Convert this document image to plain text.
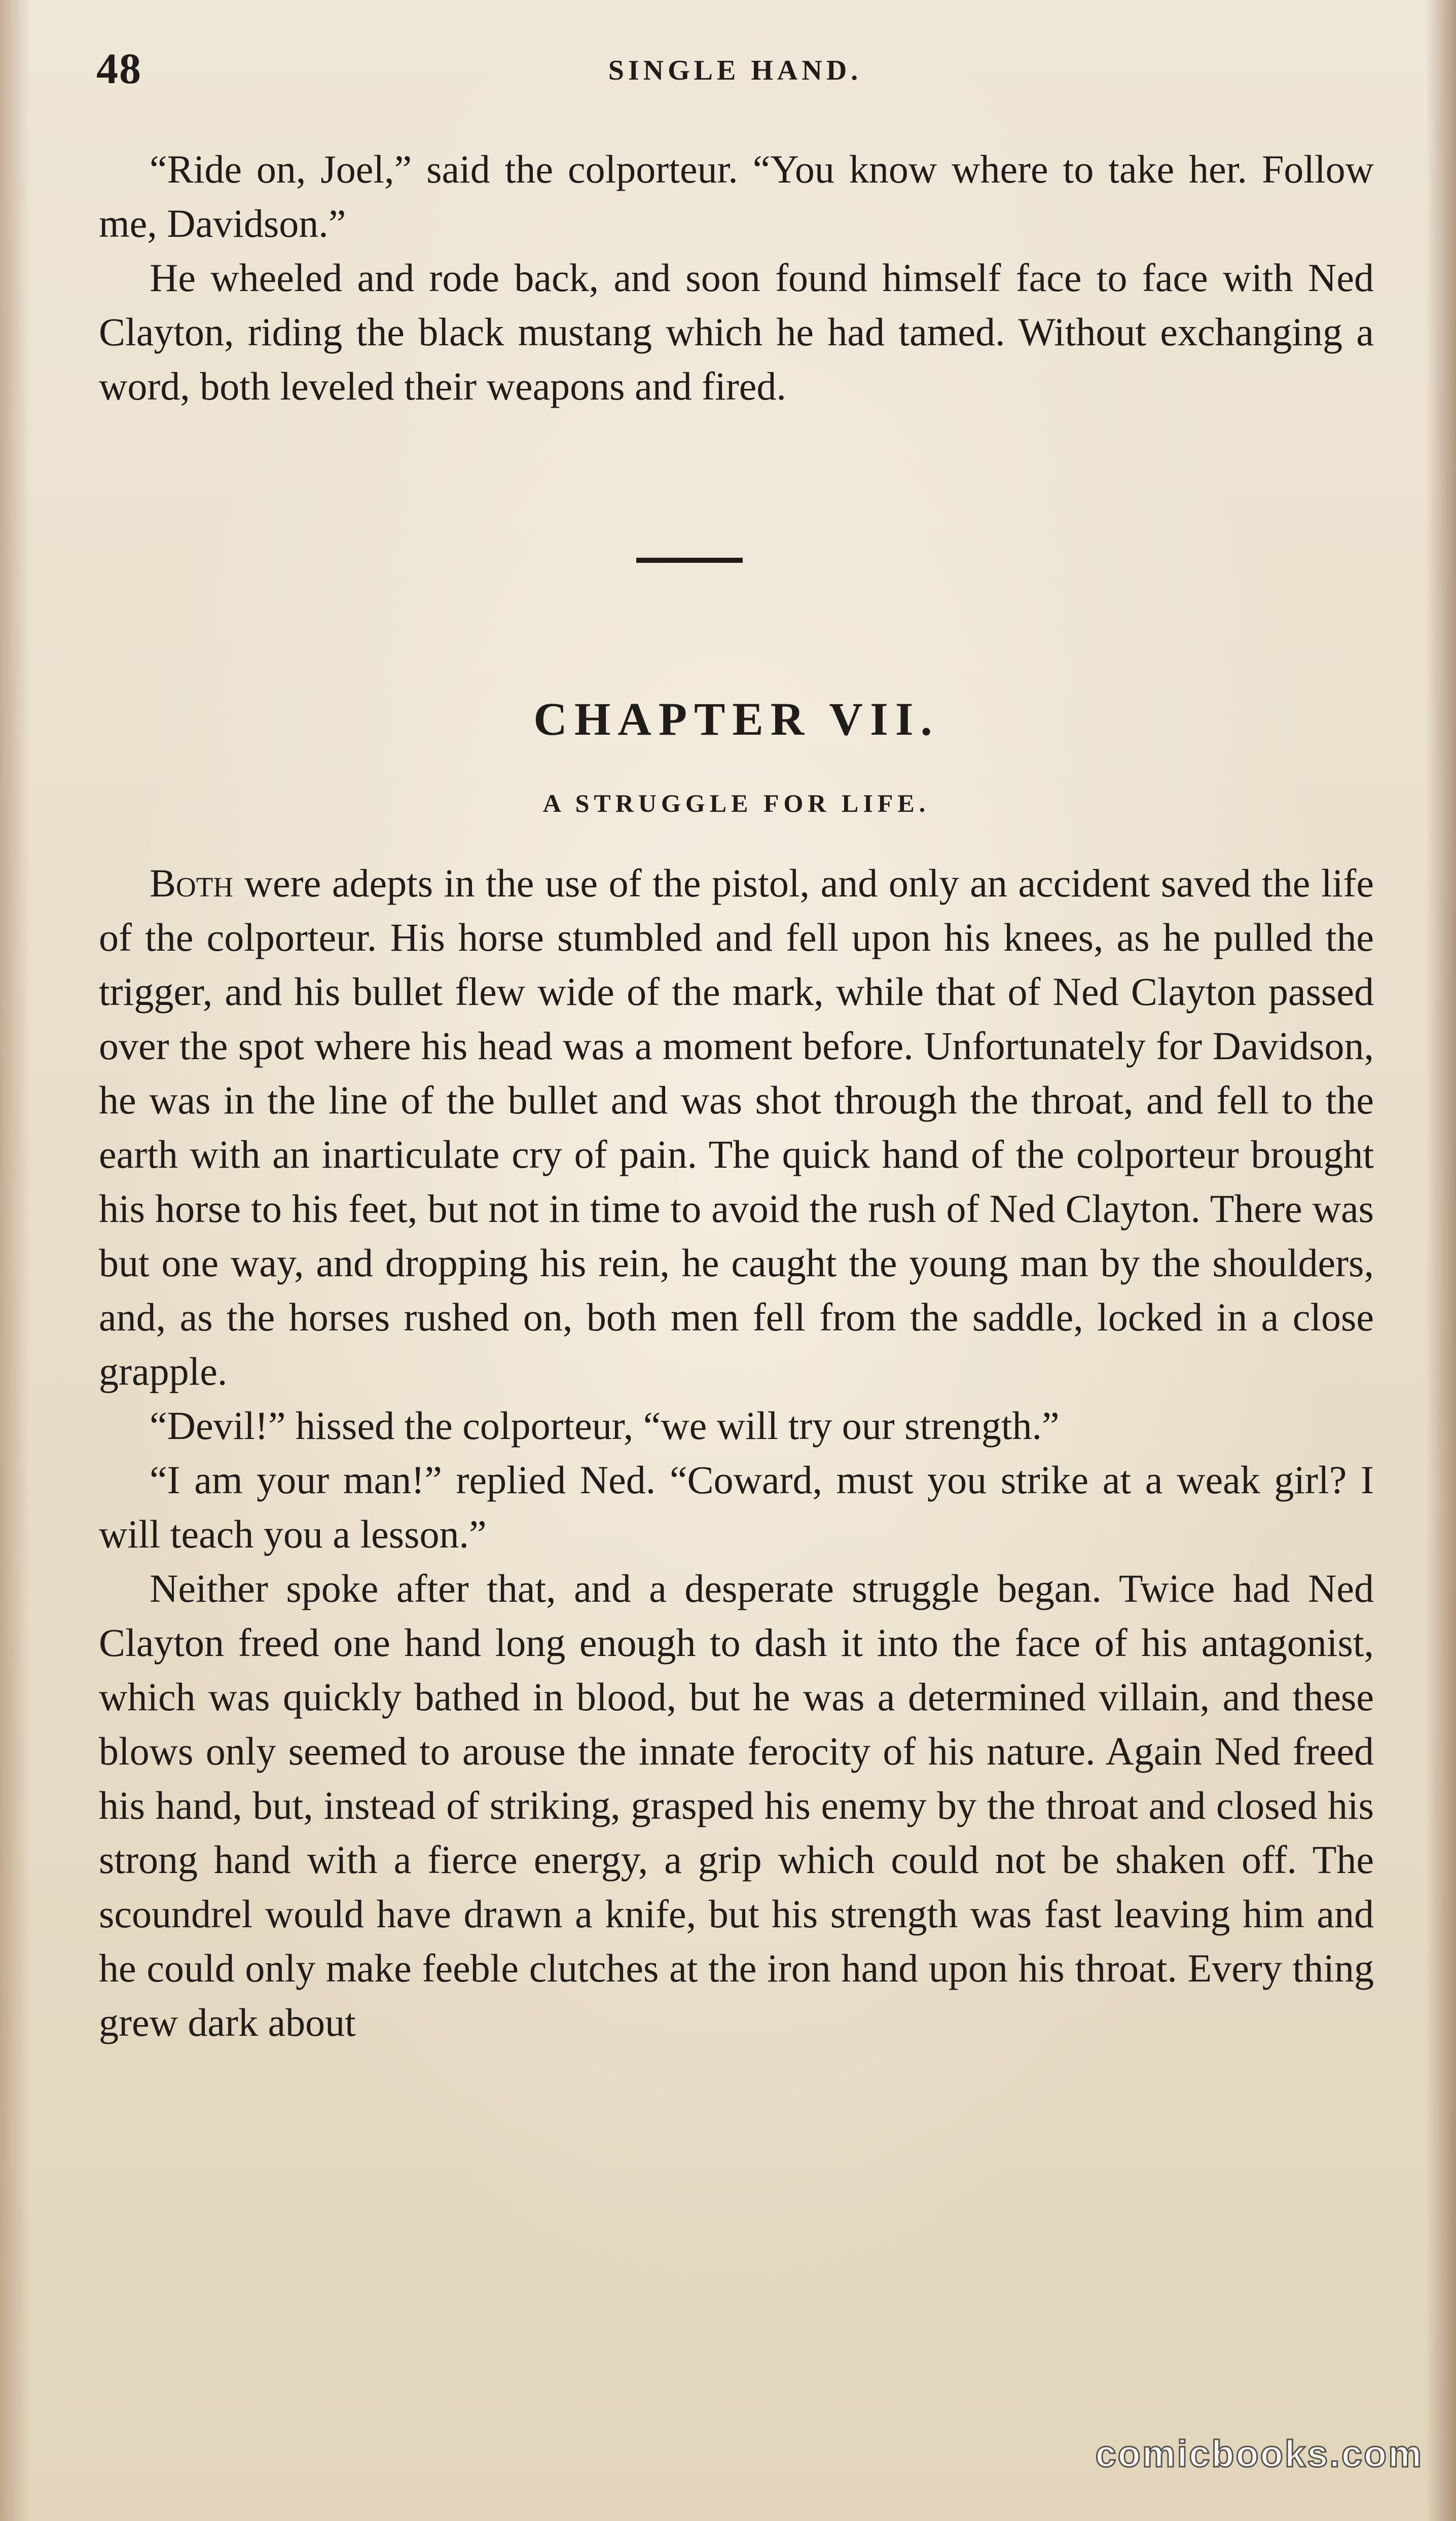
48	SINGLE HAND.

“Ride on, Joel,” said the colporteur. “You know where to take her. Follow me, Davidson.”

He wheeled and rode back, and soon found himself face to face with Ned Clayton, riding the black mustang which he had tamed. Without exchanging a word, both leveled their weapons and fired.

CHAPTER VII.
A STRUGGLE FOR LIFE.

Both were adepts in the use of the pistol, and only an accident saved the life of the colporteur. His horse stumbled and fell upon his knees, as he pulled the trigger, and his bullet flew wide of the mark, while that of Ned Clayton passed over the spot where his head was a moment before. Unfortunately for Davidson, he was in the line of the bullet and was shot through the throat, and fell to the earth with an inarticulate cry of pain. The quick hand of the colporteur brought his horse to his feet, but not in time to avoid the rush of Ned Clayton. There was but one way, and dropping his rein, he caught the young man by the shoulders, and, as the horses rushed on, both men fell from the saddle, locked in a close grapple.

“Devil!” hissed the colporteur, “we will try our strength.”

“I am your man!” replied Ned. “Coward, must you strike at a weak girl? I will teach you a lesson.”

Neither spoke after that, and a desperate struggle began. Twice had Ned Clayton freed one hand long enough to dash it into the face of his antagonist, which was quickly bathed in blood, but he was a determined villain, and these blows only seemed to arouse the innate ferocity of his nature. Again Ned freed his hand, but, instead of striking, grasped his enemy by the throat and closed his strong hand with a fierce energy, a grip which could not be shaken off. The scoundrel would have drawn a knife, but his strength was fast leaving him and he could only make feeble clutches at the iron hand upon his throat. Every thing grew dark about

comicbooks.com
